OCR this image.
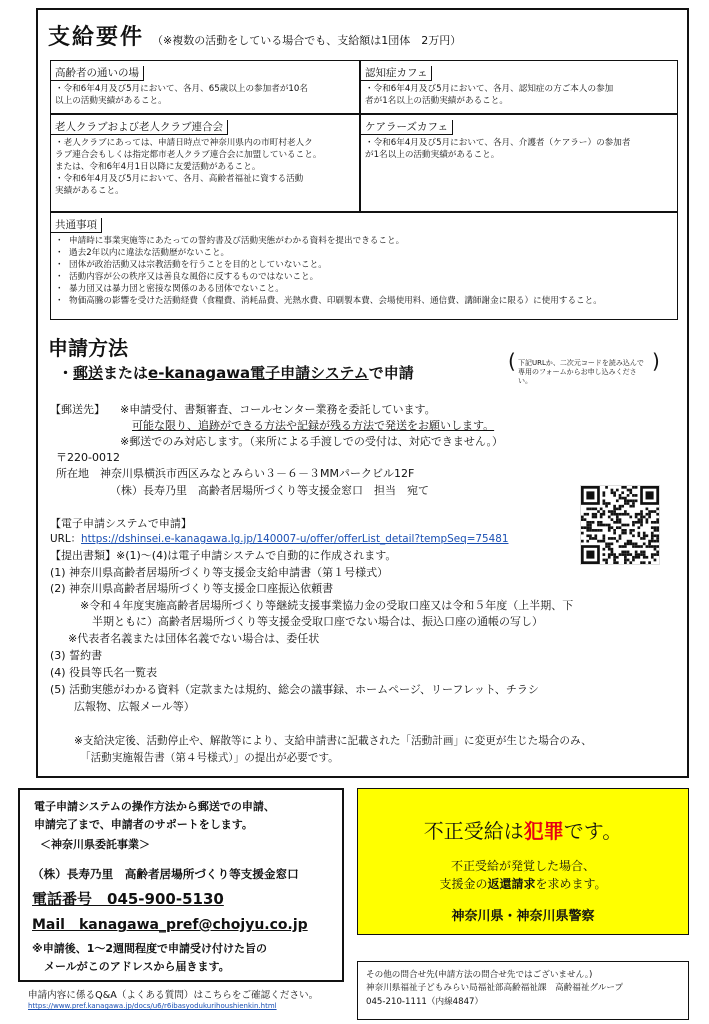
支給要件 （※複数の活動をしている場合でも、支給額は1団体　2万円）
高齢者の通いの場

・令和6年4月及び5月において、各月、65歳以上の参加者が10名

以上の活動実績があること。

認知症カフェ

・令和6年4月及び5月において、各月、認知症の方ご本人の参加

者が1名以上の活動実績があること。

老人クラブおよび老人クラブ連合会

・老人クラブにあっては、申請日時点で神奈川県内の市町村老人ク

ラブ連合会もしくは指定都市老人クラブ連合会に加盟していること。

または、令和6年4月1日以降に友愛活動があること。

・令和6年4月及び5月において、各月、高齢者福祉に資する活動

実績があること。

ケアラーズカフェ

・令和6年4月及び5月において、各月、介護者（ケアラー）の参加者

が1名以上の活動実績があること。

共通事項
・ 申請時に事業実施等にあたっての誓約書及び活動実態がわかる資料を提出できること。
・ 過去2年以内に違法な活動歴がないこと。
・ 団体が政治活動又は宗教活動を行うことを目的としていないこと。
・ 活動内容が公の秩序又は善良な風俗に反するものではないこと。
・ 暴力団又は暴力団と密接な関係のある団体でないこと。
・ 物価高騰の影響を受けた活動経費（食糧費、消耗品費、光熱水費、印刷製本費、会場使用料、通信費、講師謝金に限る）に使用すること。
申請方法
・ 郵送 または e-kanagawa電子申請システム で申請	( 下記URLか、二次元コードを読み込んで専用のフォームからお申し込みください。
)
【郵送先】 ※申請受付、書類審査、コールセンター業務を委託しています。
可能な限り、追跡ができる方法や記録が残る方法で発送をお願いします。
※郵送でのみ対応します。（来所による手渡しでの受付は、対応できません。）
〒220-0012
所在地　神奈川県横浜市西区みなとみらい３－６－３MMパークビル12F
（株）長寿乃里　高齢者居場所づくり等支援金窓口　担当　宛て
【電子申請システムで申請】
URL：https://dshinsei.e-kanagawa.lg.jp/140007-u/offer/offerList_detail?tempSeq=75481
【提出書類】※(1)～(4)は電子申請システムで自動的に作成されます。
(1) 神奈川県高齢者居場所づくり等支援金支給申請書（第１号様式）
(2) 神奈川県高齢者居場所づくり等支援金口座振込依頼書
※令和４年度実施高齢者居場所づくり等継続支援事業協力金の受取口座又は令和５年度（上半期、下
半期ともに）高齢者居場所づくり等支援金受取口座でない場合は、振込口座の通帳の写し）
※代表者名義または団体名義でない場合は、委任状
(3) 誓約書
(4) 役員等氏名一覧表
(5) 活動実態がわかる資料（定款または規約、総会の議事録、ホームページ、リーフレット、チラシ
広報物、広報メール等）
※支給決定後、活動停止や、解散等により、支給申請書に記載された「活動計画」に変更が生じた場合のみ、
「活動実施報告書（第４号様式）」の提出が必要です。
電子申請システムの操作方法から郵送での申請、
申請完了まで、申請者のサポートをします。
＜神奈川県委託事業＞
（株）長寿乃里　高齢者居場所づくり等支援金窓口
電話番号　045-900-5130
Mail　kanagawa_pref@chojyu.co.jp
※申請後、1～2週間程度で申請受け付けた旨の
メールがこのアドレスから届きます。
不正受給は犯罪です。
不正受給が発覚した場合、
支援金の返還請求を求めます。
神奈川県・神奈川県警察
その他の問合せ先(申請方法の問合せ先ではございません。)
神奈川県福祉子どもみらい局福祉部高齢福祉課　高齢福祉グループ
045-210-1111（内線4847）
申請内容に係るQ&A（よくある質問）はこちらをご確認ください。
https://www.pref.kanagawa.jp/docs/u6/r6ibasyodukurihoushienkin.html
